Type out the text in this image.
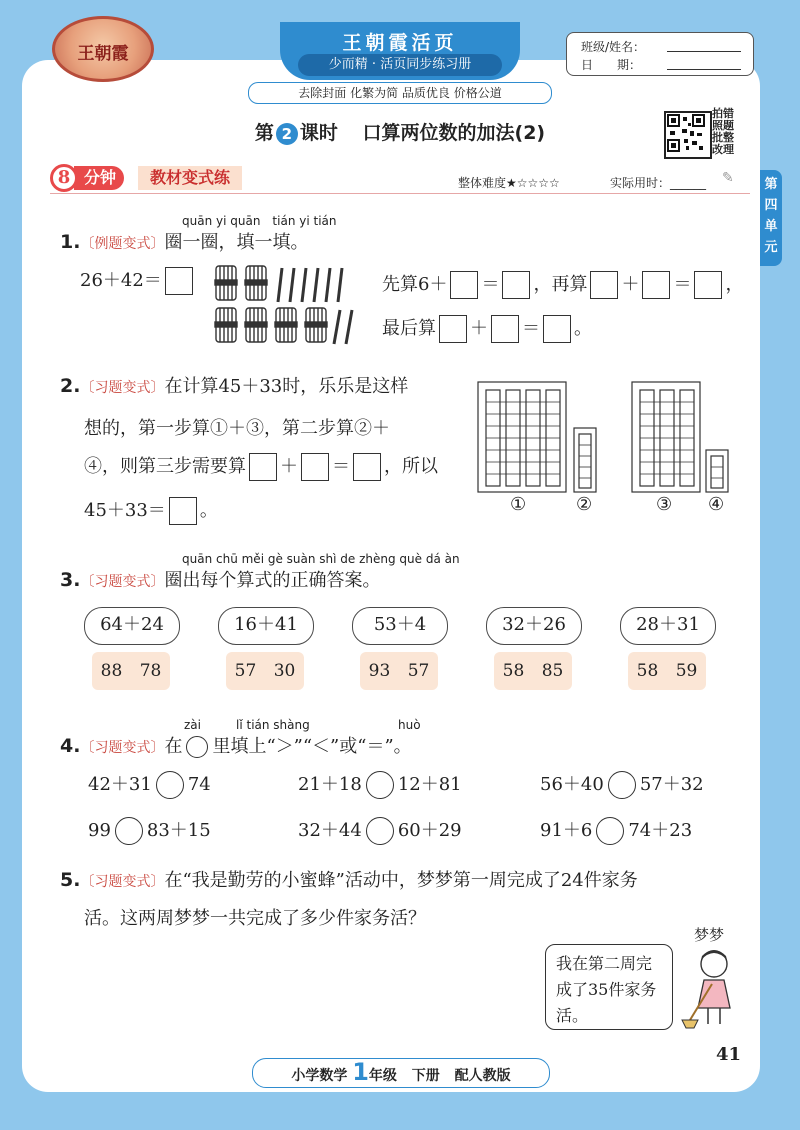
王朝霞	王朝霞活页
少而精 · 活页同步练习册
去除封面 化繁为简 品质优良 价格公道
班级/姓名：
日　　期：
第 2 课时 口算两位数的加法(2)
拍错照题批整改理
第四单元
分钟
8	教材变式练	整体难度★☆☆☆☆	实际用时：______ ✎
quān yi quān　tián yi tián
1.〔例题变式〕圈一圈，填一填。
26＋42＝	先算6＋ ＝ ，再算 ＋ ＝ ，
最后算 ＋ ＝ 。
2.〔习题变式〕在计算45＋33时，乐乐是这样
想的，第一步算①＋③，第二步算②＋
④，则第三步需要算 ＋ ＝ ，所以
45＋33＝ 。	①	②	③ ④
quān chū měi gè suàn shì de zhèng què dá àn
3.〔习题变式〕圈出每个算式的正确答案。
64＋24	16＋41	53＋4	32＋26	28＋31
88 78	57 30	93 57	58 85	58 59
zài	lǐ tián shàng	huò
4.〔习题变式〕在 里填上“＞”“＜”或“＝”。
42＋31 74	21＋18 12＋81	56＋40 57＋32
99 83＋15	32＋44 60＋29	91＋6 74＋23
5.〔习题变式〕在“我是勤劳的小蜜蜂”活动中，梦梦第一周完成了24件家务
活。这两周梦梦一共完成了多少件家务活？
梦梦
我在第二周完成了35件家务活。
小学数学 1年级 下册 配人教版
41
